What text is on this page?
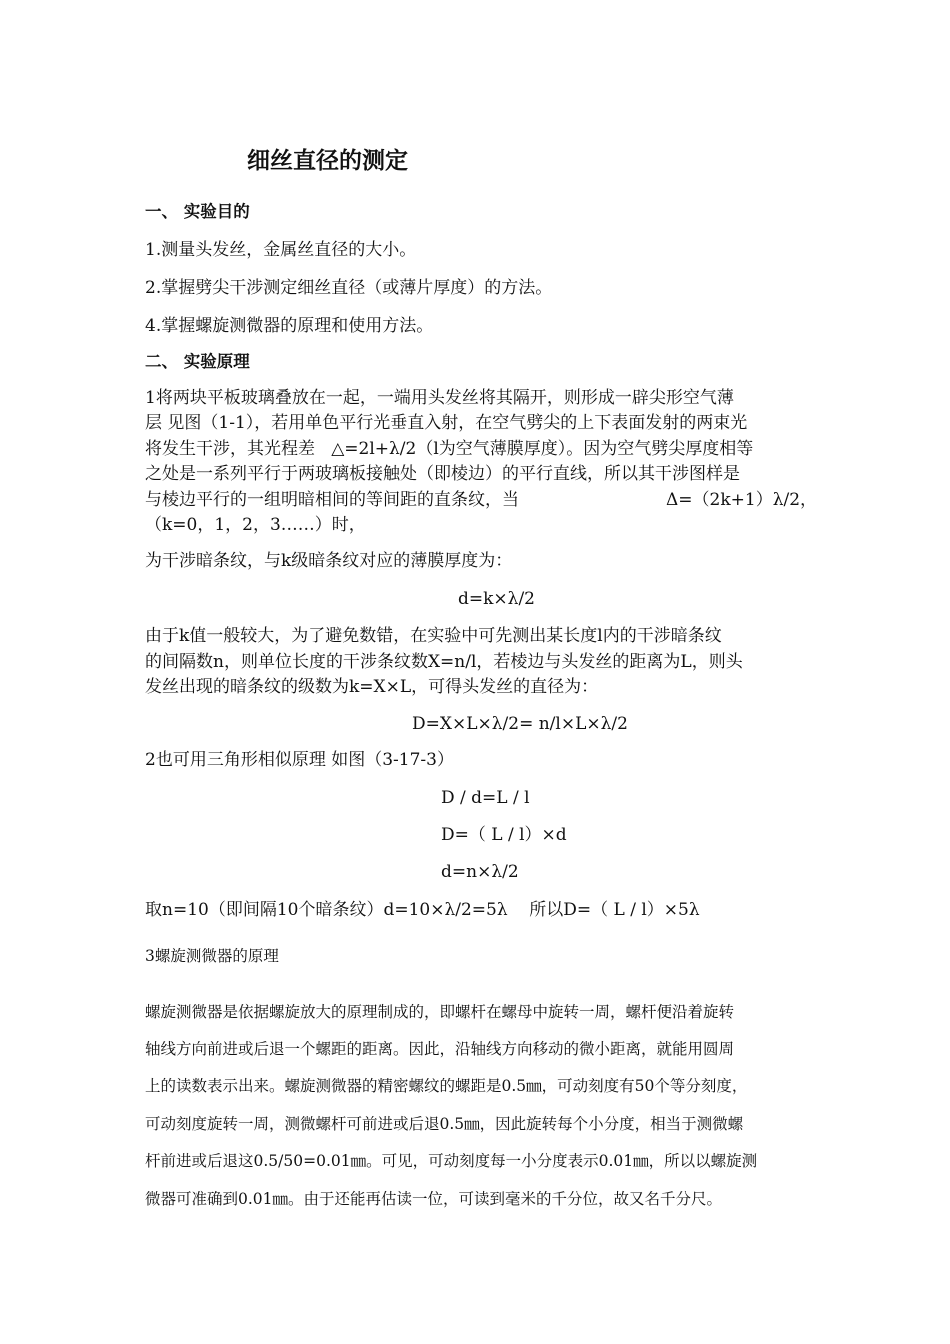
细丝直径的测定
一、 实验目的
1.测量头发丝，金属丝直径的大小。
2.掌握劈尖干涉测定细丝直径（或薄片厚度）的方法。
4.掌握螺旋测微器的原理和使用方法。
二、 实验原理
1将两块平板玻璃叠放在一起，一端用头发丝将其隔开，则形成一辟尖形空气薄
层 见图（1-1），若用单色平行光垂直入射，在空气劈尖的上下表面发射的两束光
将发生干涉，其光程差   △=2l+λ/2（l为空气薄膜厚度）。因为空气劈尖厚度相等
之处是一系列平行于两玻璃板接触处（即棱边）的平行直线，所以其干涉图样是
与棱边平行的一组明暗相间的等间距的直条纹，当	Δ=（2k+1）λ/2，
（k=0，1，2，3……）时，
为干涉暗条纹，与k级暗条纹对应的薄膜厚度为：
d=k×λ/2
由于k值一般较大，为了避免数错，在实验中可先测出某长度l内的干涉暗条纹
的间隔数n，则单位长度的干涉条纹数X=n/l，若棱边与头发丝的距离为L，则头
发丝出现的暗条纹的级数为k=X×L，可得头发丝的直径为：
D=X×L×λ/2= n/l×L×λ/2
2也可用三角形相似原理 如图（3-17-3）
D / d=L / l
D=（ L / l）×d
d=n×λ/2
取n=10（即间隔10个暗条纹）d=10×λ/2=5λ    所以D=（ L / l）×5λ
3螺旋测微器的原理
螺旋测微器是依据螺旋放大的原理制成的，即螺杆在螺母中旋转一周，螺杆便沿着旋转
轴线方向前进或后退一个螺距的距离。因此，沿轴线方向移动的微小距离，就能用圆周
上的读数表示出来。螺旋测微器的精密螺纹的螺距是0.5㎜，可动刻度有50个等分刻度，
可动刻度旋转一周，测微螺杆可前进或后退0.5㎜，因此旋转每个小分度，相当于测微螺
杆前进或后退这0.5/50=0.01㎜。可见，可动刻度每一小分度表示0.01㎜，所以以螺旋测
微器可准确到0.01㎜。由于还能再估读一位，可读到毫米的千分位，故又名千分尺。
